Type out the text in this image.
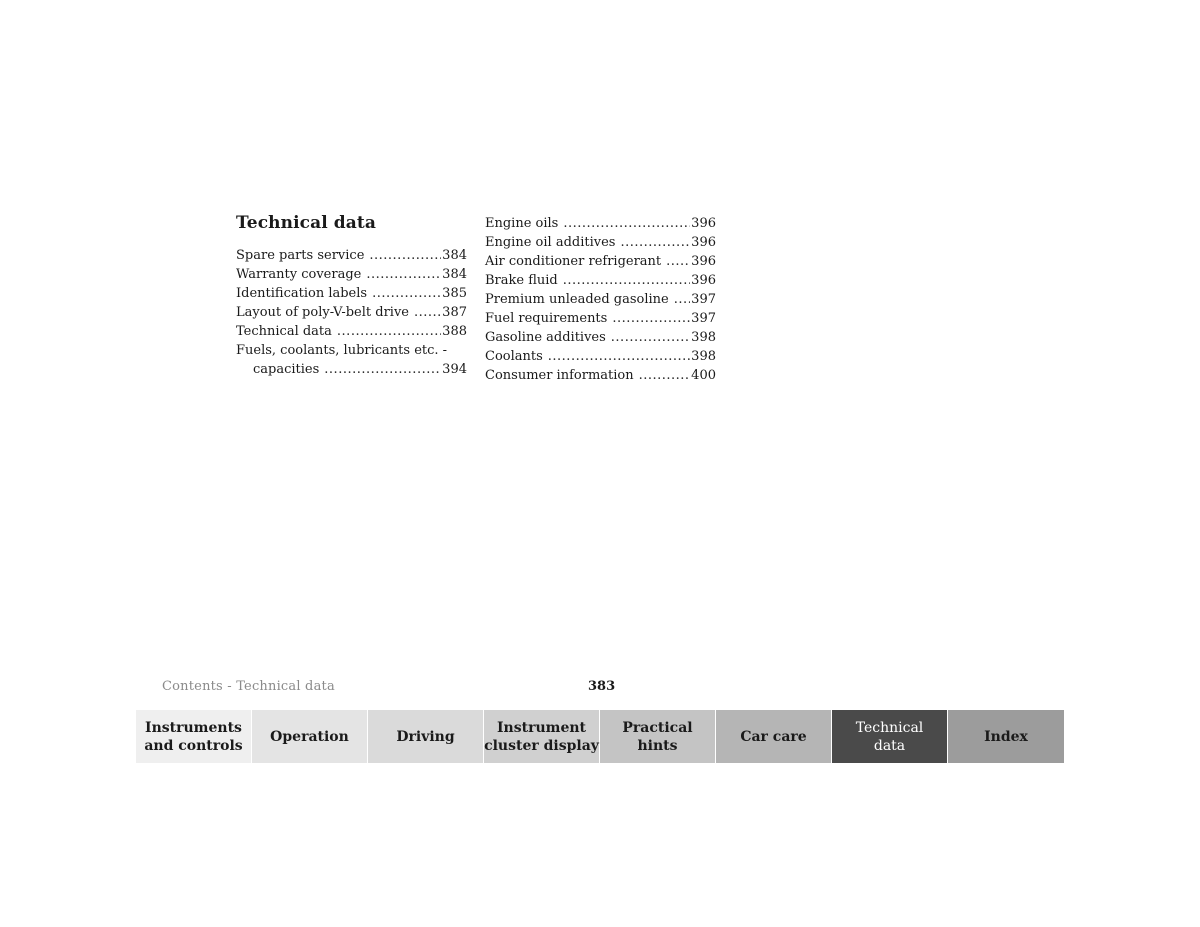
Technical data
Spare parts service .....	384
Warranty coverage .....	384
Identification labels .....	385
Layout of poly-V-belt drive .....	387
Technical data .....	388
Fuels, coolants, lubricants etc. -
capacities .....	394
Engine oils .....	396
Engine oil additives .....	396
Air conditioner refrigerant ..... 396
Brake fluid .....	396
Premium unleaded gasoline ..... 397
Fuel requirements .....	397
Gasoline additives .....	398
Coolants .....	398
Consumer information .....	400
Contents - Technical data	383
Instruments
and controls
Operation	Driving
Instrument
cluster display
Practical hints
Car care
Technical
data
Index
